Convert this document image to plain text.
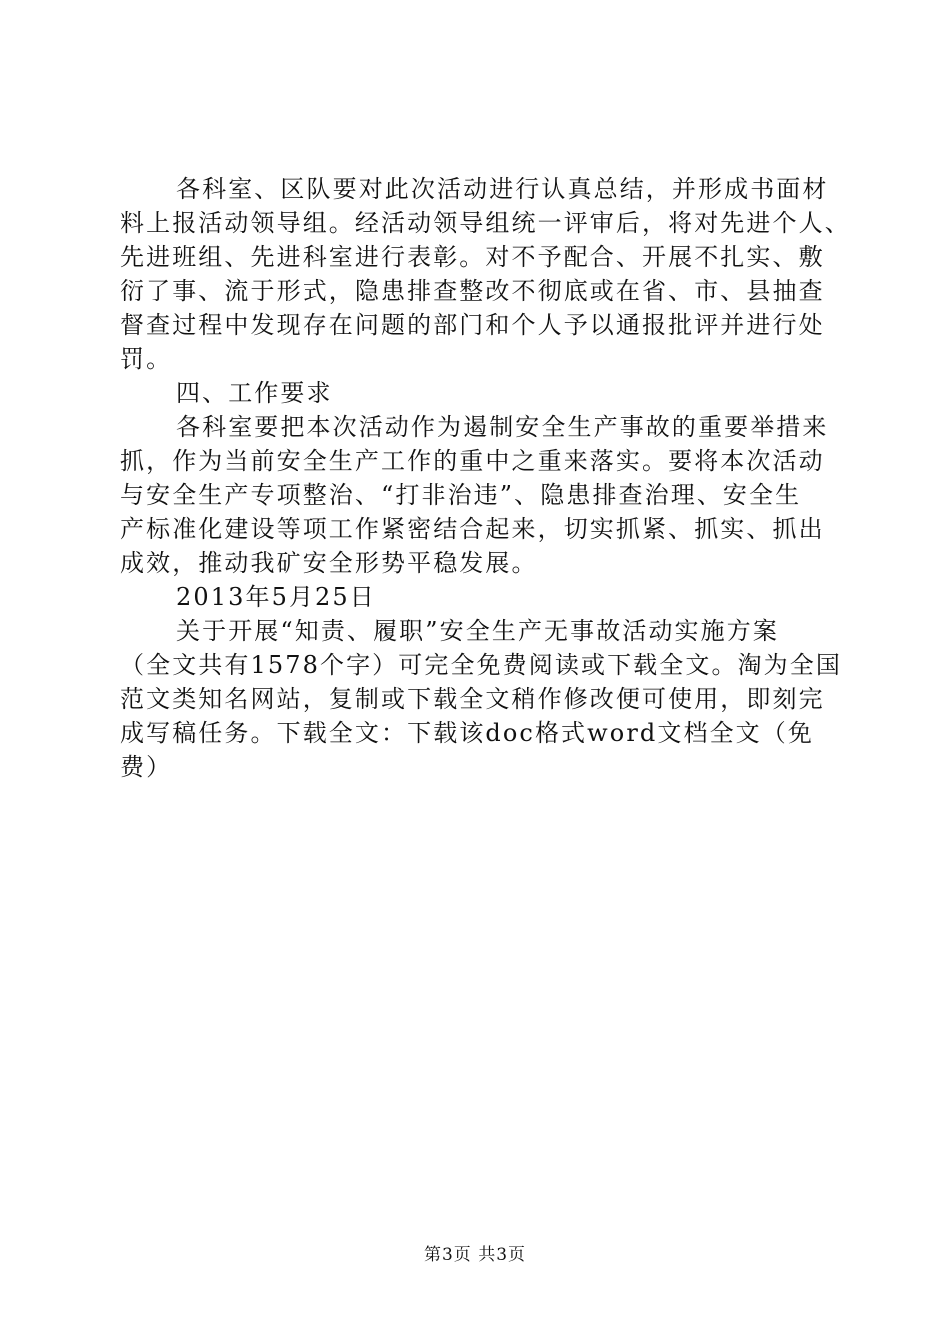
各科室、区队要对此次活动进行认真总结，并形成书面材
料上报活动领导组。经活动领导组统一评审后，将对先进个人、
先进班组、先进科室进行表彰。对不予配合、开展不扎实、敷
衍了事、流于形式，隐患排查整改不彻底或在省、市、县抽查
督查过程中发现存在问题的部门和个人予以通报批评并进行处
罚。
四、工作要求
各科室要把本次活动作为遏制安全生产事故的重要举措来
抓，作为当前安全生产工作的重中之重来落实。要将本次活动
与安全生产专项整治、“打非治违”、隐患排查治理、安全生
产标准化建设等项工作紧密结合起来，切实抓紧、抓实、抓出
成效，推动我矿安全形势平稳发展。
2013年5月25日
关于开展“知责、履职”安全生产无事故活动实施方案
（全文共有1578个字）可完全免费阅读或下载全文。淘为全国
范文类知名网站，复制或下载全文稍作修改便可使用，即刻完
成写稿任务。下载全文：下载该doc格式word文档全文（免
费）
第3页 共3页
